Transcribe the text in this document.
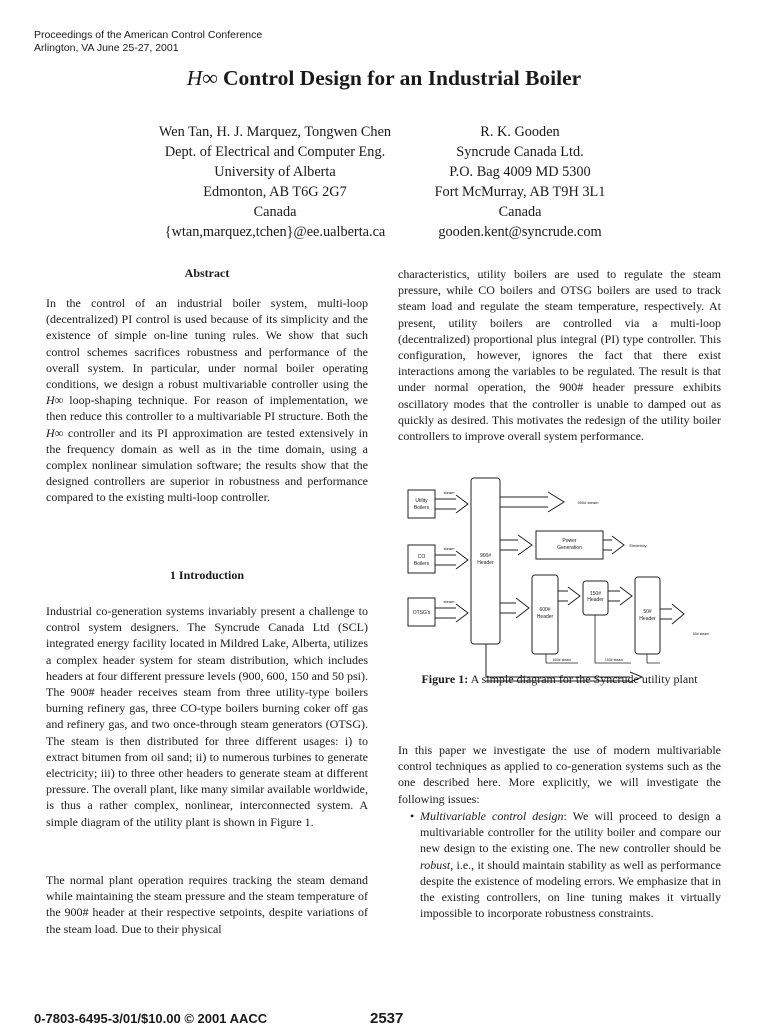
Proceedings of the American Control Conference
Arlington, VA June 25-27, 2001
H∞ Control Design for an Industrial Boiler
Wen Tan, H. J. Marquez, Tongwen Chen
Dept. of Electrical and Computer Eng.
University of Alberta
Edmonton, AB T6G 2G7
Canada
{wtan,marquez,tchen}@ee.ualberta.ca
R. K. Gooden
Syncrude Canada Ltd.
P.O. Bag 4009 MD 5300
Fort McMurray, AB T9H 3L1
Canada
gooden.kent@syncrude.com
Abstract
In the control of an industrial boiler system, multi-loop (decentralized) PI control is used because of its simplicity and the existence of simple on-line tuning rules. We show that such control schemes sacrifices robustness and performance of the overall system. In particular, under normal boiler operating conditions, we design a robust multivariable controller using the H∞ loop-shaping technique. For reason of implementation, we then reduce this controller to a multivariable PI structure. Both the H∞ controller and its PI approximation are tested extensively in the frequency domain as well as in the time domain, using a complex nonlinear simulation software; the results show that the designed controllers are superior in robustness and performance compared to the existing multi-loop controller.
1 Introduction
Industrial co-generation systems invariably present a challenge to control system designers. The Syncrude Canada Ltd (SCL) integrated energy facility located in Mildred Lake, Alberta, utilizes a complex header system for steam distribution, which includes headers at four different pressure levels (900, 600, 150 and 50 psi). The 900# header receives steam from three utility-type boilers burning refinery gas, three CO-type boilers burning coker off gas and refinery gas, and two once-through steam generators (OTSG). The steam is then distributed for three different usages: i) to extract bitumen from oil sand; ii) to numerous turbines to generate electricity; iii) to three other headers to generate steam at different pressure. The overall plant, like many similar available worldwide, is thus a rather complex, nonlinear, interconnected system. A simple diagram of the utility plant is shown in Figure 1.
The normal plant operation requires tracking the steam demand while maintaining the steam pressure and the steam temperature of the 900# header at their respective setpoints, despite variations of the steam load. Due to their physical
characteristics, utility boilers are used to regulate the steam pressure, while CO boilers and OTSG boilers are used to track steam load and regulate the steam temperature, respectively. At present, utility boilers are controlled via a multi-loop (decentralized) proportional plus integral (PI) type controller. This configuration, however, ignores the fact that there exist interactions among the variables to be regulated. The result is that under normal operation, the 900# header pressure exhibits oscillatory modes that the controller is unable to damped out as quickly as desired. This motivates the redesign of the utility boiler controllers to improve overall system performance.
Utility
Boilers
CO
Boilers
OTSG's
steam
steam
steam
900#
Header
900# steam
Power
Generation	Electricity
600#
Header
150#
Header
50#
Header
600# steam	150# steam
50# steam
Figure 1: A simple diagram for the Syncrude utility plant
In this paper we investigate the use of modern multivariable control techniques as applied to co-generation systems such as the one described here. More explicitly, we will investigate the following issues:
• Multivariable control design: We will proceed to design a multivariable controller for the utility boiler and compare our new design to the existing one. The new controller should be robust, i.e., it should maintain stability as well as performance despite the existence of modeling errors. We emphasize that in the existing controllers, on line tuning makes it virtually impossible to incorporate robustness constraints.
0-7803-6495-3/01/$10.00 © 2001 AACC	2537
